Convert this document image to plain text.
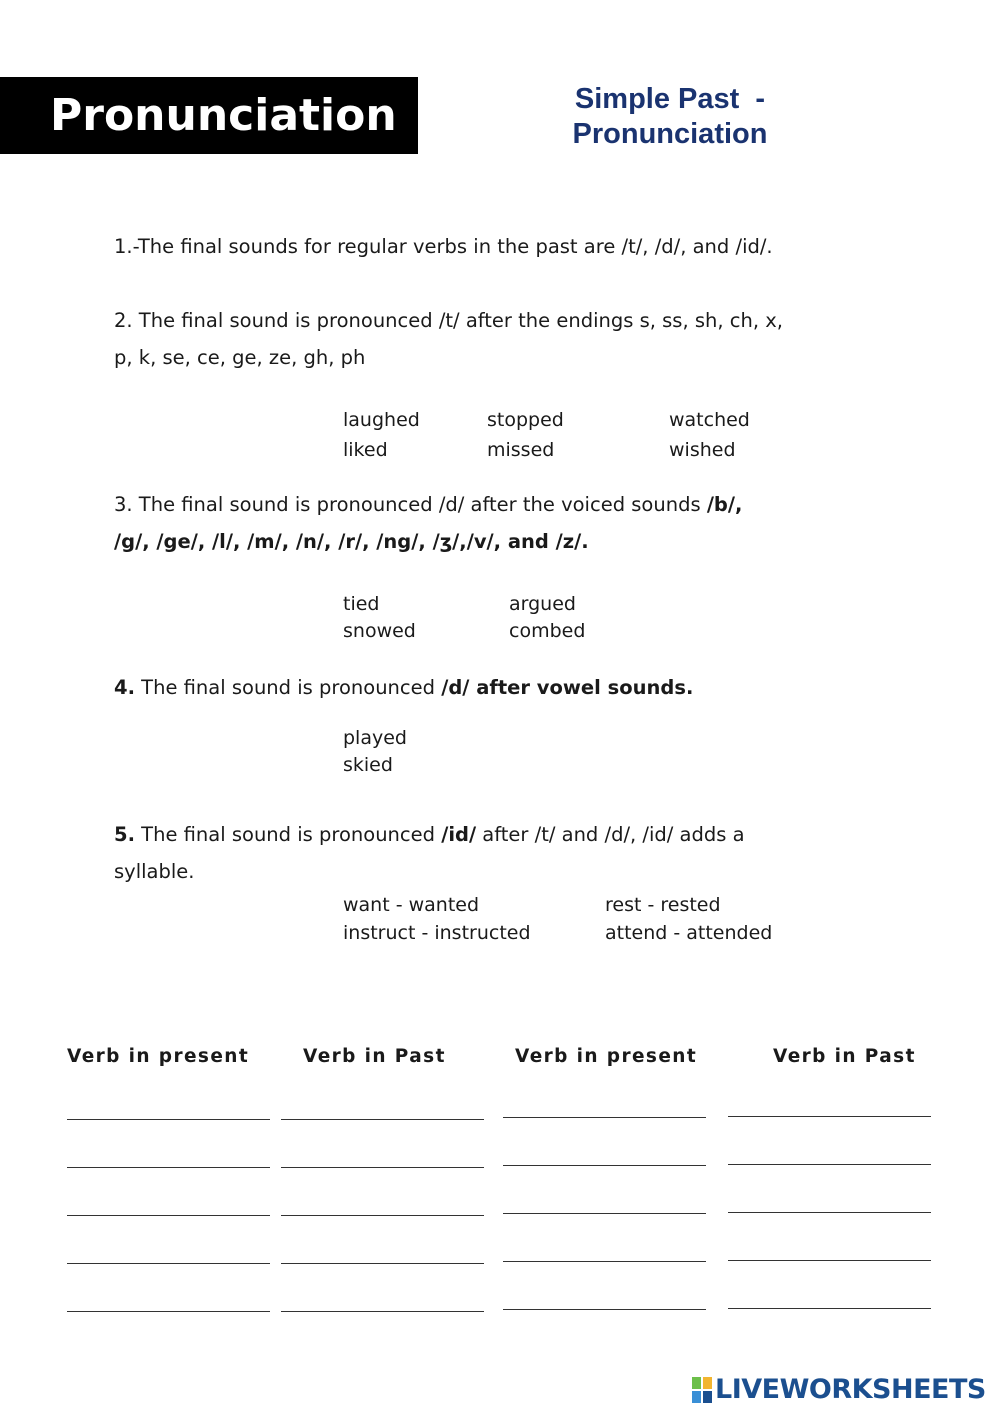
Pronunciation	Simple Past  -
Pronunciation
1.-The final sounds for regular verbs in the past are /t/, /d/, and /id/.
2. The final sound is pronounced /t/ after the endings s, ss, sh, ch, x,
p, k, se, ce, ge, ze, gh, ph
laughed	stopped	watched
liked	missed	wished
3. The final sound is pronounced /d/ after the voiced sounds /b/,
/g/, /ge/, /l/, /m/, /n/, /r/, /ng/, /ʒ/,/v/, and /z/.
tied	argued
snowed	combed
4. The final sound is pronounced /d/ after vowel sounds.
played
skied
5. The final sound is pronounced /id/ after /t/ and /d/, /id/ adds a
syllable.
want - wanted	rest - rested
instruct - instructed	attend - attended
Verb in present	Verb in Past	Verb in present	Verb in Past
LIVEWORKSHEETS
